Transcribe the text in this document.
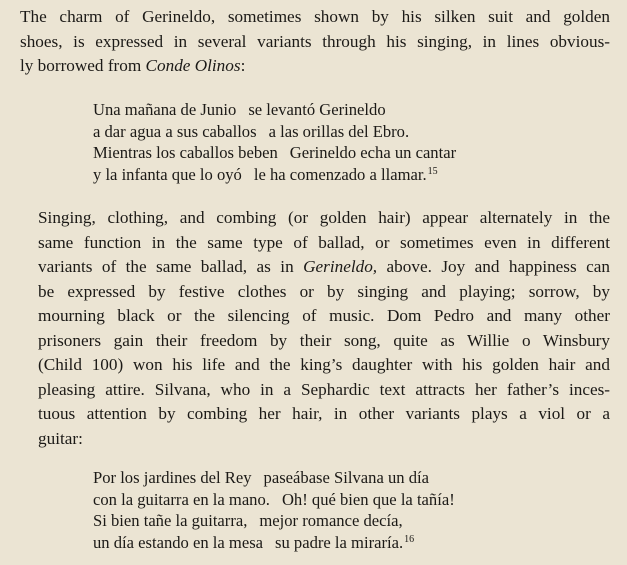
The charm of Gerineldo, sometimes shown by his silken suit and golden
shoes, is expressed in several variants through his singing, in lines obvious-
ly borrowed from Conde Olinos:

Una mañana de Junio se levantó Gerineldo
a dar agua a sus caballos a las orillas del Ebro.
Mientras los caballos beben Gerineldo echa un cantar
y la infanta que lo oyó le ha comenzado a llamar.$^{15}$

Singing, clothing, and combing (or golden hair) appear alternately in the
same function in the same type of ballad, or sometimes even in different
variants of the same ballad, as in Gerineldo, above. Joy and happiness can
be expressed by festive clothes or by singing and playing; sorrow, by
mourning black or the silencing of music. Dom Pedro and many other
prisoners gain their freedom by their song, quite as Willie o Winsbury
(Child 100) won his life and the king’s daughter with his golden hair and
pleasing attire. Silvana, who in a Sephardic text attracts her father’s inces-
tuous attention by combing her hair, in other variants plays a viol or a
guitar:

Por los jardines del Rey paseábase Silvana un día
con la guitarra en la mano. Oh! qué bien que la tañía!
Si bien tañe la guitarra, mejor romance decía,
un día estando en la mesa su padre la miraría.$^{16}$
